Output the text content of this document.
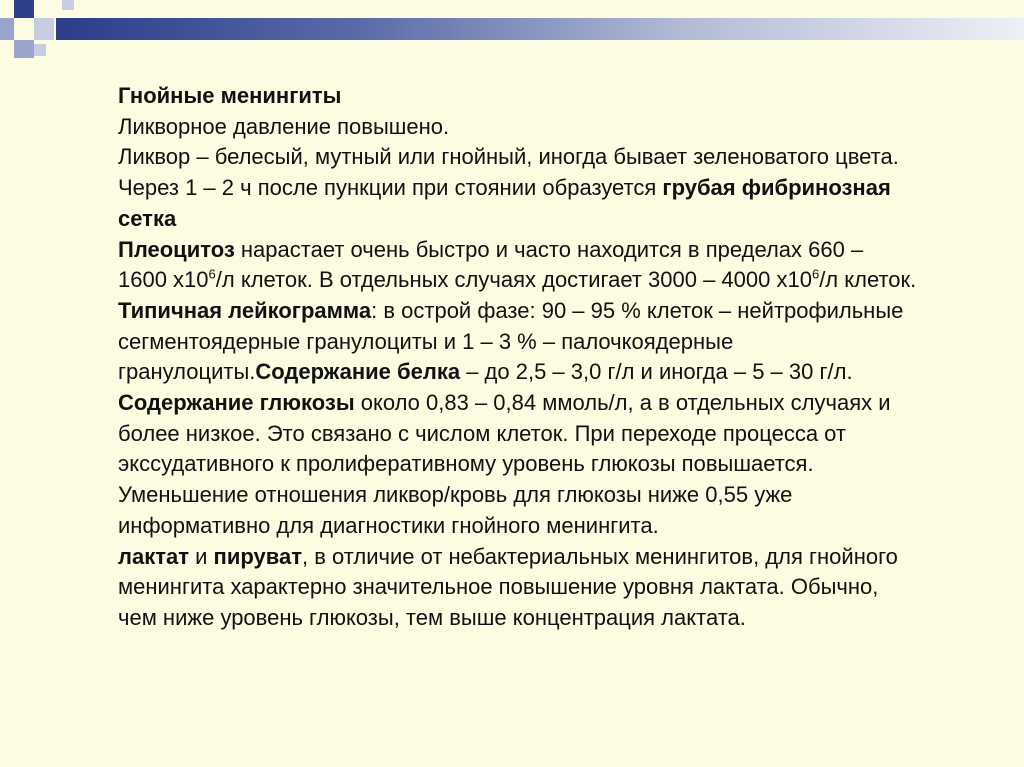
Гнойные менингиты

Ликворное давление повышено.

Ликвор – белесый, мутный или гнойный, иногда бывает зеленоватого цвета.

Через 1 – 2 ч после пункции при стоянии образуется грубая фибринозная сетка

Плеоцитоз нарастает очень быстро и часто находится в пределах 660 – 1600 $х10^6/л$ клеток. В отдельных случаях достигает 3000 – 4000 $х10^6/л$ клеток.

Типичная лейкограмма: в острой фазе: 90 – 95 % клеток – нейтрофильные сегментоядерные гранулоциты и 1 – 3 % – палочкоядерные гранулоциты.Содержание белка – до 2,5 – 3,0 г/л и иногда – 5 – 30 г/л. Содержание глюкозы около 0,83 – 0,84 ммоль/л, а в отдельных случаях и более низкое. Это связано с числом клеток. При переходе процесса от экссудативного к пролиферативному уровень глюкозы повышается. Уменьшение отношения ликвор/кровь для глюкозы ниже 0,55 уже информативно для диагностики гнойного менингита.

лактат и пируват, в отличие от небактериальных менингитов, для гнойного менингита характерно значительное повышение уровня лактата. Обычно, чем ниже уровень глюкозы, тем выше концентрация лактата.
